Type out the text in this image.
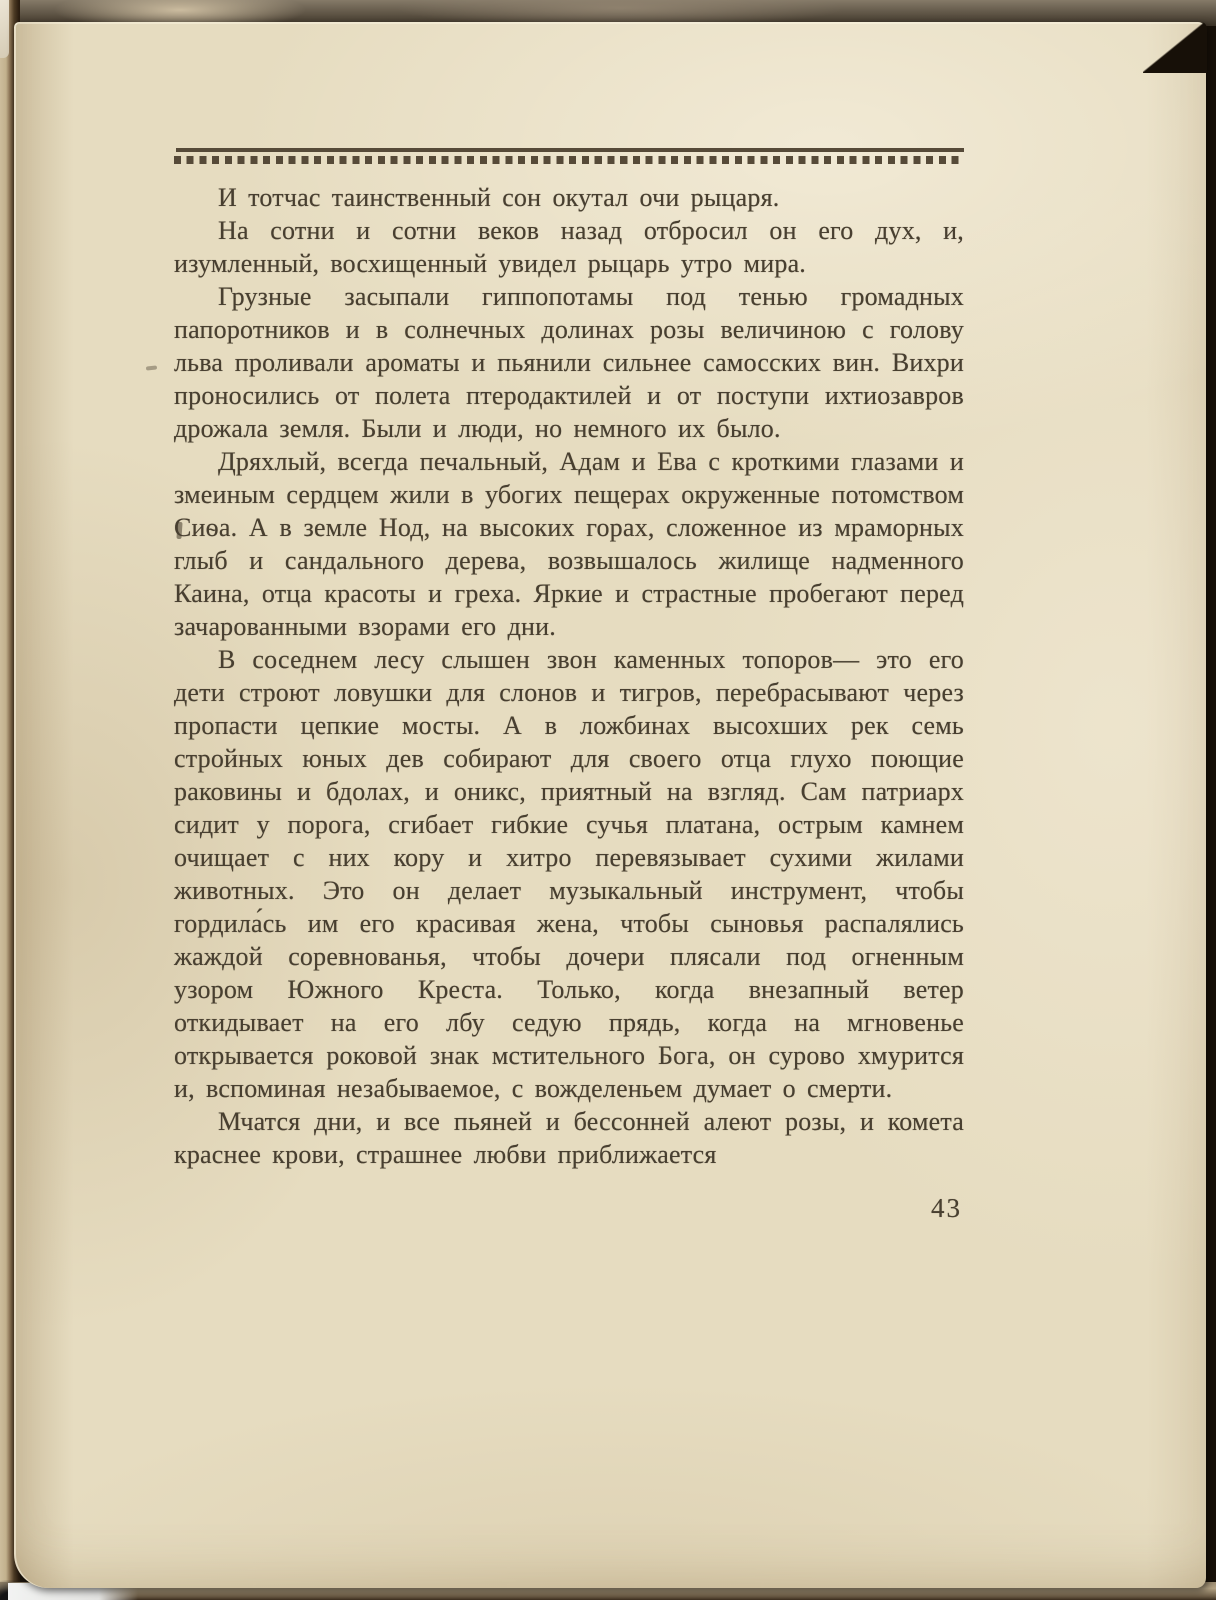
И тотчас таинственный сон окутал очи рыцаря.

На сотни и сотни веков назад отбросил он его дух, и, изумленный, восхищенный увидел рыцарь утро мира.

Грузные засыпали гиппопотамы под тенью громадных папоротников и в солнечных долинах розы величиною с голову льва проливали ароматы и пьянили сильнее самосских вин. Вихри проносились от полета птеродактилей и от поступи ихтиозавров дрожала земля. Были и люди, но немного их было.

Дряхлый, всегда печальный, Адам и Ева с кроткими глазами и змеиным сердцем жили в убогих пещерах окруженные потомством Сиѳа. А в земле Нод, на высоких горах, сложенное из мраморных глыб и сандального дерева, возвышалось жилище надменного Каина, отца красоты и греха. Яркие и страстные пробегают перед зачарованными взорами его дни.

В соседнем лесу слышен звон каменных топоров— это его дети строют ловушки для слонов и тигров, перебрасывают через пропасти цепкие мосты. А в ложбинах высохших рек семь стройных юных дев собирают для своего отца глухо поющие раковины и бдолах, и оникс, приятный на взгляд. Сам патриарх сидит у порога, сгибает гибкие сучья платана, острым камнем очищает с них кору и хитро перевязывает сухими жилами животных. Это он делает музыкальный инструмент, чтобы гордила́сь им его красивая жена, чтобы сыновья распалялись жаждой соревнованья, чтобы дочери плясали под огненным узором Южного Креста. Только, когда внезапный ветер откидывает на его лбу седую прядь, когда на мгновенье открывается роковой знак мстительного Бога, он сурово хмурится и, вспоминая незабываемое, с вожделеньем думает о смерти.

Мчатся дни, и все пьяней и бессонней алеют розы, и комета краснее крови, страшнее любви приближается

43
